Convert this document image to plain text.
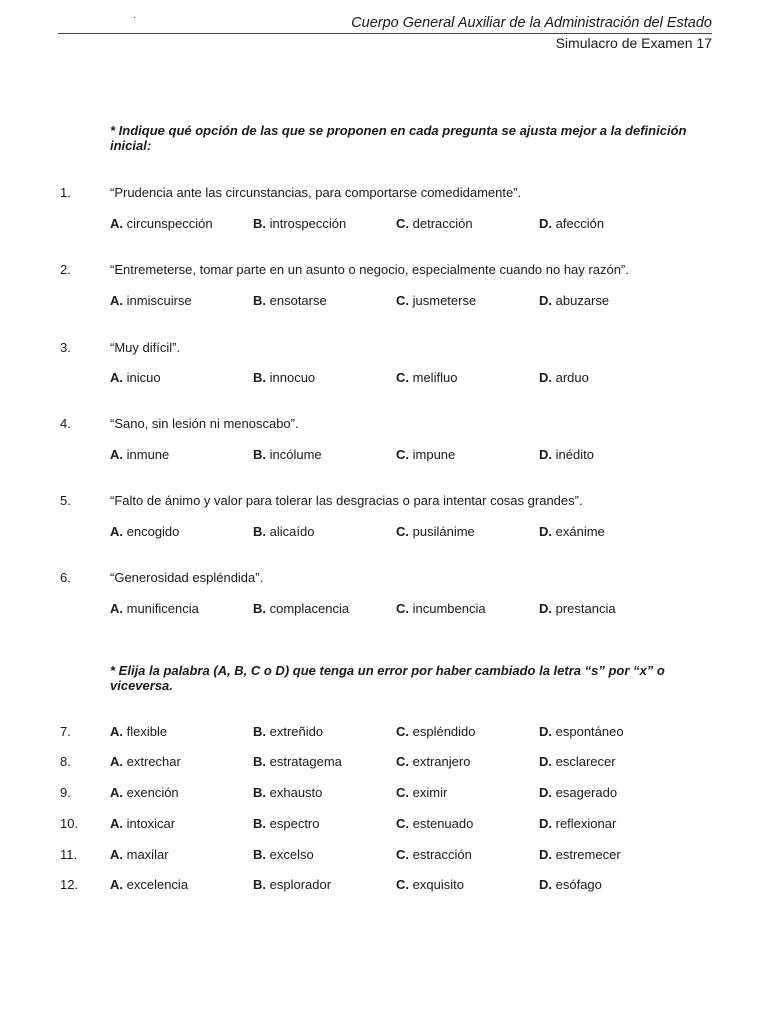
·	Cuerpo General Auxiliar de la Administración del Estado
Simulacro de Examen 17
* Indique qué opción de las que se proponen en cada pregunta se ajusta mejor a la definición inicial:
1.	“Prudencia ante las circunstancias, para comportarse comedidamente”.
A. circunspección	B. introspección	C. detracción	D. afección
2.	“Entremeterse, tomar parte en un asunto o negocio, especialmente cuando no hay razón”.
A. inmiscuirse	B. ensotarse	C. jusmeterse	D. abuzarse
3.	“Muy difícil”.
A. inicuo	B. innocuo	C. melifluo	D. arduo
4.	“Sano, sin lesión ni menoscabo”.
A. inmune	B. incólume	C. impune	D. inédito
5.	“Falto de ánimo y valor para tolerar las desgracias o para intentar cosas grandes”.
A. encogido	B. alicaído	C. pusilánime	D. exánime
6.	“Generosidad espléndida”.
A. munificencia	B. complacencia	C. incumbencia	D. prestancia
* Elija la palabra (A, B, C o D) que tenga un error por haber cambiado la letra “s” por “x” o viceversa.
7.	A. flexible	B. extreñido	C. espléndido	D. espontáneo
8.	A. extrechar	B. estratagema	C. extranjero	D. esclarecer
9.	A. exención	B. exhausto	C. eximir	D. esagerado
10. A. intoxicar	B. espectro	C. estenuado	D. reflexionar
11.	A. maxilar	B. excelso	C. estracción	D. estremecer
12. A. excelencia	B. esplorador	C. exquisito	D. esófago
